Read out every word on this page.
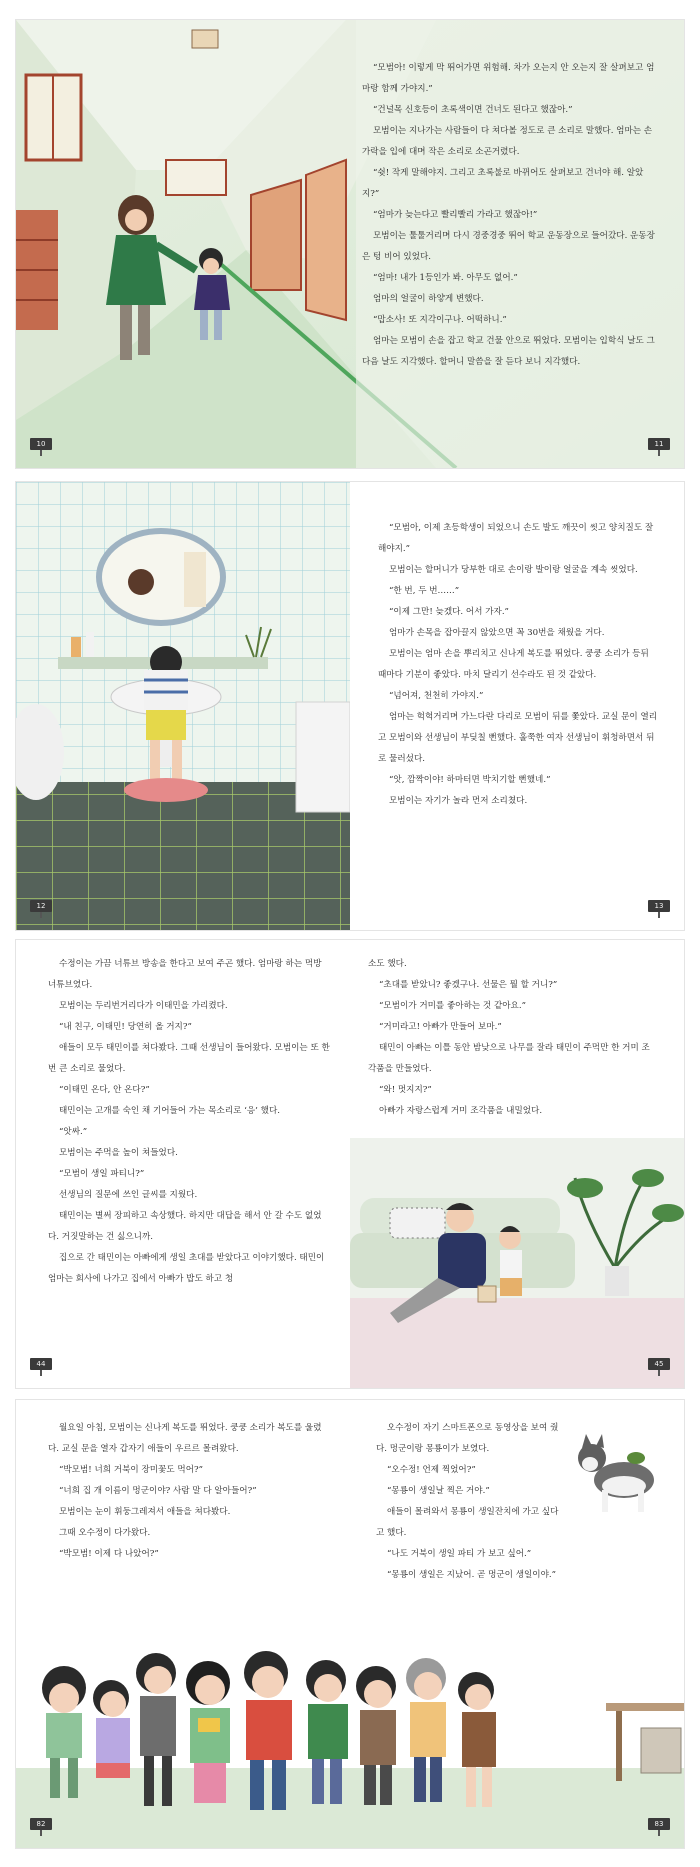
“모범아! 이렇게 막 뛰어가면 위험해. 차가 오는지 안 오는지 잘 살펴보고 엄마랑 함께 가야지.”

“건널목 신호등이 초록색이면 건너도 된다고 했잖아.”

모범이는 지나가는 사람들이 다 쳐다볼 정도로 큰 소리로 말했다. 엄마는 손가락을 입에 대며 작은 소리로 소곤거렸다.

“쉿! 작게 말해야지. 그리고 초록불로 바뀌어도 살펴보고 건너야 해. 알았지?”

“엄마가 늦는다고 빨리빨리 가라고 했잖아!”

모범이는 툴툴거리며 다시 경중경중 뛰어 학교 운동장으로 들어갔다. 운동장은 텅 비어 있었다.

“엄마! 내가 1등인가 봐. 아무도 없어.”

엄마의 얼굴이 하얗게 변했다.

“맙소사! 또 지각이구나. 어떡하니.”

엄마는 모범이 손을 잡고 학교 건물 안으로 뛰었다. 모범이는 입학식 날도 그다음 날도 지각했다. 할머니 말씀을 잘 듣다 보니 지각했다.

10	11

“모범아, 이제 초등학생이 되었으니 손도 발도 깨끗이 씻고 양치질도 잘해야지.”

모범이는 할머니가 당부한 대로 손이랑 발이랑 얼굴을 계속 씻었다.

“한 번, 두 번……”

“이제 그만! 늦겠다. 어서 가자.”

엄마가 손목을 잡아끌지 않았으면 꼭 30번을 채웠을 거다.

모범이는 엄마 손을 뿌리치고 신나게 복도를 뛰었다. 쿵쿵 소리가 등뒤 때마다 기분이 좋았다. 마치 달리기 선수라도 된 것 같았다.

“넘어져, 천천히 가야지.”

엄마는 헉헉거리며 가느다란 다리로 모범이 뒤를 쫓았다. 교실 문이 열리고 모범이와 선생님이 부딪칠 뻔했다. 훌쭉한 여자 선생님이 휘청하면서 뒤로 물러섰다.

“앗, 깜짝이야! 하마터면 박치기할 뻔했네.”

모범이는 자기가 놀라 먼저 소리쳤다.

12	13

수정이는 가끔 너튜브 방송을 한다고 보여 주곤 했다. 엄마랑 하는 먹방 너튜브였다.

모범이는 두리번거리다가 이태민을 가리켰다.

“내 친구, 이태민! 당연히 올 거지?”

애들이 모두 태민이를 쳐다봤다. 그때 선생님이 들어왔다. 모범이는 또 한 번 큰 소리로 물었다.

“이태민 온다, 안 온다?”

태민이는 고개를 숙인 채 기어들어 가는 목소리로 ‘응’ 했다.

“앗싸.”

모범이는 주먹을 높이 쳐들었다.

“모범이 생일 파티니?”

선생님의 질문에 쓰인 글씨를 지웠다.

태민이는 별써 장피하고 속상했다. 하지만 대답을 해서 안 갈 수도 없었다. 거짓말하는 건 싫으니까.

집으로 간 태민이는 아빠에게 생일 초대를 받았다고 이야기했다. 태민이 엄마는 회사에 나가고 집에서 아빠가 밥도 하고 청

소도 했다.

“초대를 받았니? 좋겠구나. 선물은 뭘 할 거니?”

“모범이가 거미를 좋아하는 것 같아요.”

“거미라고! 아빠가 만들어 보마.”

태민이 아빠는 이틀 동안 밤낮으로 나무를 잘라 태민이 주먹만 한 거미 조각품을 만들었다.

“와! 멋지지?”

아빠가 자랑스럽게 거미 조각품을 내밀었다.

44	45

월요일 아침, 모범이는 신나게 복도를 뛰었다. 쿵쿵 소리가 복도를 울렸다. 교실 문을 열자 갑자기 애들이 우르르 몰려왔다.

“박모범! 너희 거북이 장미꽃도 먹어?”

“너희 집 개 이름이 멍군이야? 사람 말 다 알아들어?”

모범이는 눈이 휘둥그레져서 애들을 쳐다봤다.

그때 오수정이 다가왔다.

“박모범! 이제 다 나았어?”

오수정이 자기 스마트폰으로 동영상을 보여 줬다. 멍군이랑 몽룡이가 보였다.

“오수정! 언제 찍었어?”

“몽룡이 생일날 찍은 거야.”

애들이 몰려와서 몽룡이 생일잔치에 가고 싶다고 했다.

“나도 거북이 생일 파티 가 보고 싶어.”

“몽룡이 생일은 지났어. 곧 멍군이 생일이야.”

82	83
